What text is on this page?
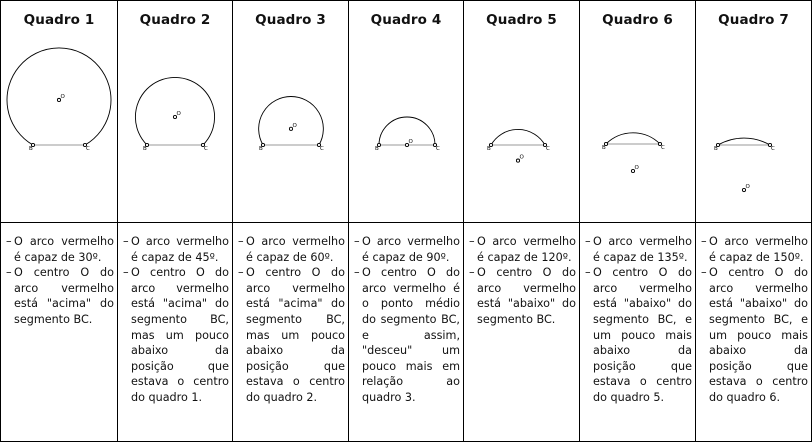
Quadro 1
B	C
O
– O arco vermelho é capaz de 30º.
– O centro O do arco vermelho está "acima" do segmento BC.
Quadro 2
B	C
O
– O arco vermelho é capaz de 45º.
– O centro O do arco vermelho está "acima" do segmento BC, mas um pouco abaixo da posição que estava o centro do quadro 1.
Quadro 3
B	C
O
– O arco vermelho é capaz de 60º.
– O centro O do arco vermelho está "acima" do segmento BC, mas um pouco abaixo da posição que estava o centro do quadro 2.
Quadro 4
B	C
O
– O arco vermelho é capaz de 90º.
– O centro O do arco vermelho é o ponto médio do segmento BC, e assim, "desceu" um pouco mais em relação ao quadro 3.
Quadro 5
B	C
O
– O arco vermelho é capaz de 120º.
– O centro O do arco vermelho está "abaixo" do segmento BC.
Quadro 6
B	C
O
– O arco vermelho é capaz de 135º.
– O centro O do arco vermelho está "abaixo" do segmento BC, e um pouco mais abaixo da posição que estava o centro do quadro 5.
Quadro 7
B	C
O
– O arco vermelho é capaz de 150º.
– O centro O do arco vermelho está "abaixo" do segmento BC, e um pouco mais abaixo da posição que estava o centro do quadro 6.
